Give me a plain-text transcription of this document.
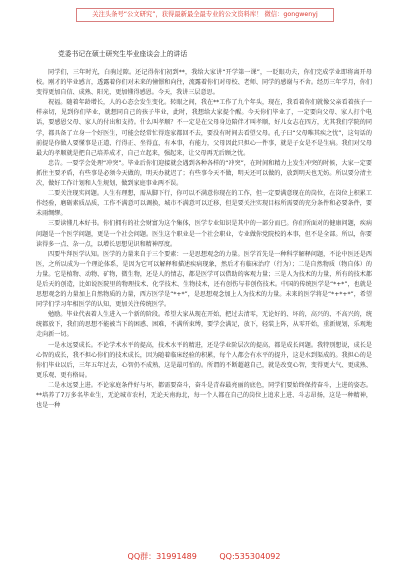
关注头条号“公文研究”，获得最新最全最专业的公文资料库！ 微信：gongwenyj
党委书记在硕士研究生毕业座谈会上的讲话

同学们，三年时光，白驹过隙。还记得你们初到**，我给大家讲“开学第一课”，一眨眼功夫，你们完成学业即将离开母校。刚才的毕业感言，透露着你们对未来的憧憬和向往，流露着你们对母校、老师、同学的感谢与不舍。经历三年学月，你们变得更加自信、成熟、阳光，更加懂得感恩。今天，我讲三层意思。

祝福。随着年龄增长，人的心态会发生变化。转眼之间，我在**工作了九个年头，现在，我看着你们就像父亲看着孩子一样亲切，见到你们毕业，就想同自己的孩子毕业，此时，我想给大家提个醒。今天你们毕业了，一定要向父母、家人打个电话，要感恩父母、家人的付出和支持。什么叫孝顺？不一定是在父母身边陪伴才叫孝顺，好儿女志在四方，尤其我们学院的同学，都具备了立身一个好医生，可能会经常忙得连家都回不去，要没有时间去看望父母。孔子曰“父母唯其疾之忧”，这句话的前提是你做人要懂事是正道、行得正、坐得直，有本事，有能力，父母因此只担心一件事，就是子女是不是生病。我们对父母最大的孝顺就是把自己培养成才，自己立起来，强起来，让父母再无后顾之忧。

忠告。一要学会处理“冲突”。毕业后你们迎接就会遇到各种各样的“冲突”，在时间和精力上发生冲突的时候，大家一定要抓住主要矛盾，有些事是必须今天做的，明天办就迟了；有些事今天不做，明天还可以做的，放到明天也无妨。所以要分清主次，做好工作计划和人生规划，做到家庭事业两不误。

二要关注现实问题。人生有理想，需从脚下行，你可以不满意你现在的工作，但一定要满意现在的岗位，在岗位上积累工作经验，磨砺素质品质，工作不满意可以调换，城市不满意可以迁移，但是要关注实现目标所需要的充分条件和必要条件，要未雨绸缪。

三要读懂几本好书。你们拥有的社会财富为这个集体，医学专业知识是其中的一部分而已。你们所面对的健康问题，疾病问题是一个医学问题，更是一个社会问题。医生这个职业是一个社会职业，专业做你党院校的本事，但不是全部。所以，你要读得多一点、杂一点，以增长思想见识和精神厚度。

四要牛拜医学认知。医学的力量来自于三个要素：一是思想观念的力量。医学首先是一种科学解释问题，不论中医还是西医，之所以成为一个理论体系，是因为它可以解释和描述疾病现象，然后才有临床治疗（行为）；二是自然物质（物自体）的力量。它是植物、动物、矿物，微生物，还是人的情志，都是医学可以借助的客观力量；三是人为技术的力量，所有的技术都是后天的创造，比如说医院里的物理技术、化学技术、生物技术，还有创伤与非创伤技术。中国的传统医学是“*+*”，也就是思想观念的力量加上自然物质的力量，西方医学是“*+*”，是思想观念加上人为技术的力量。未来的医学将是“*+*+*”，希望同学们学习年相医学的认知，更加关注传统医学。

勉励。毕业代表着人生进入一个新的阶段。希望大家从现在开始，把过去清零，无论好的、坏的，高兴的、不高兴的，统统都放下，我们的思想不能被当下的困惑、困难，不满所束缚，要学会满足，放下，轻装上阵，从零开始，重新规划，乐观地走向新一切。

一是永远要成长。不论学术水平的提高，技术水平的精进，还是学业阶层次的提高，都是成长问题。我特别想说，成长是心智的成长，我不担心你们的技术成长，因为随着临床经验的积累，每个人都会有水平的提升，这是水到渠成的。我担心的是你们毕业以后，三年五年过去，心智仍不成熟，这是最可怕的。所谓的不断超越自己，就是改变心智，变得更大气、更成熟、更乐观、更有格局。

二是永远要上进。不论家庭条件好与坏，都需要奋斗，奋斗是青春最亮丽的底色，同学们要始终保持奋斗，上进的姿态。**培养了7万多名毕业生，无论城市农村，无论天南海北，每一个人都在自己的岗位上追求上进、斗志昂扬，这是一种精神，也是一种

QQ群：31991489	QQ:535304092
